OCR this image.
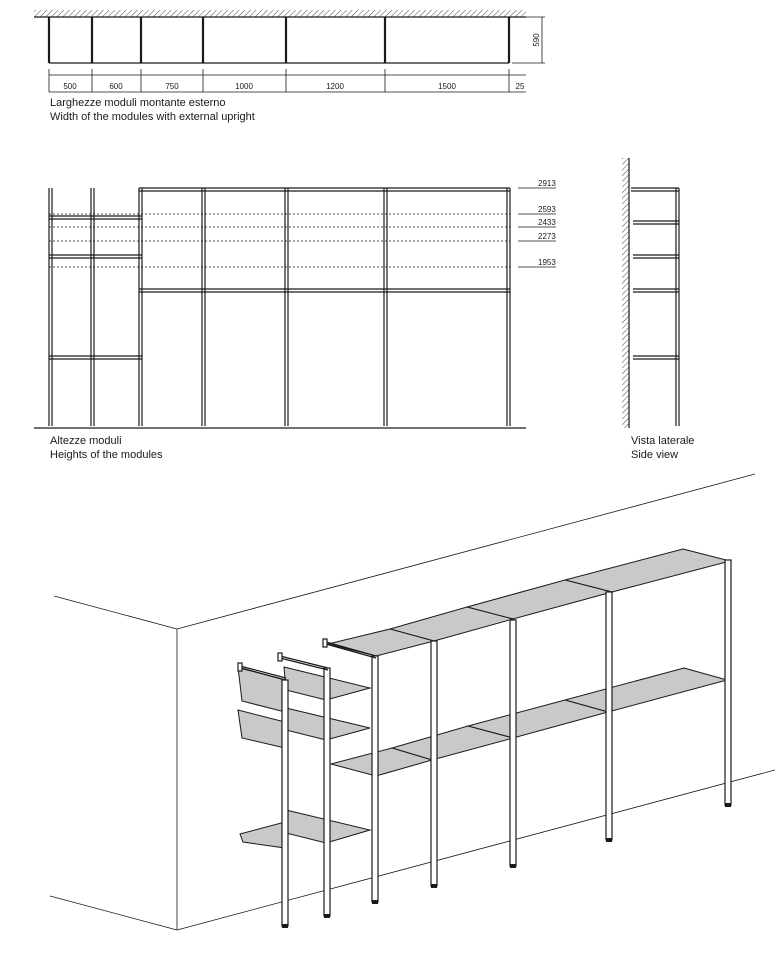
590
500	600	750	1000	1200	1500	25
Larghezze moduli montante esterno
Width of the modules with external upright
2913
2593
2433
2273
1953
Altezze moduli
Heights of the modules
Vista laterale
Side view
